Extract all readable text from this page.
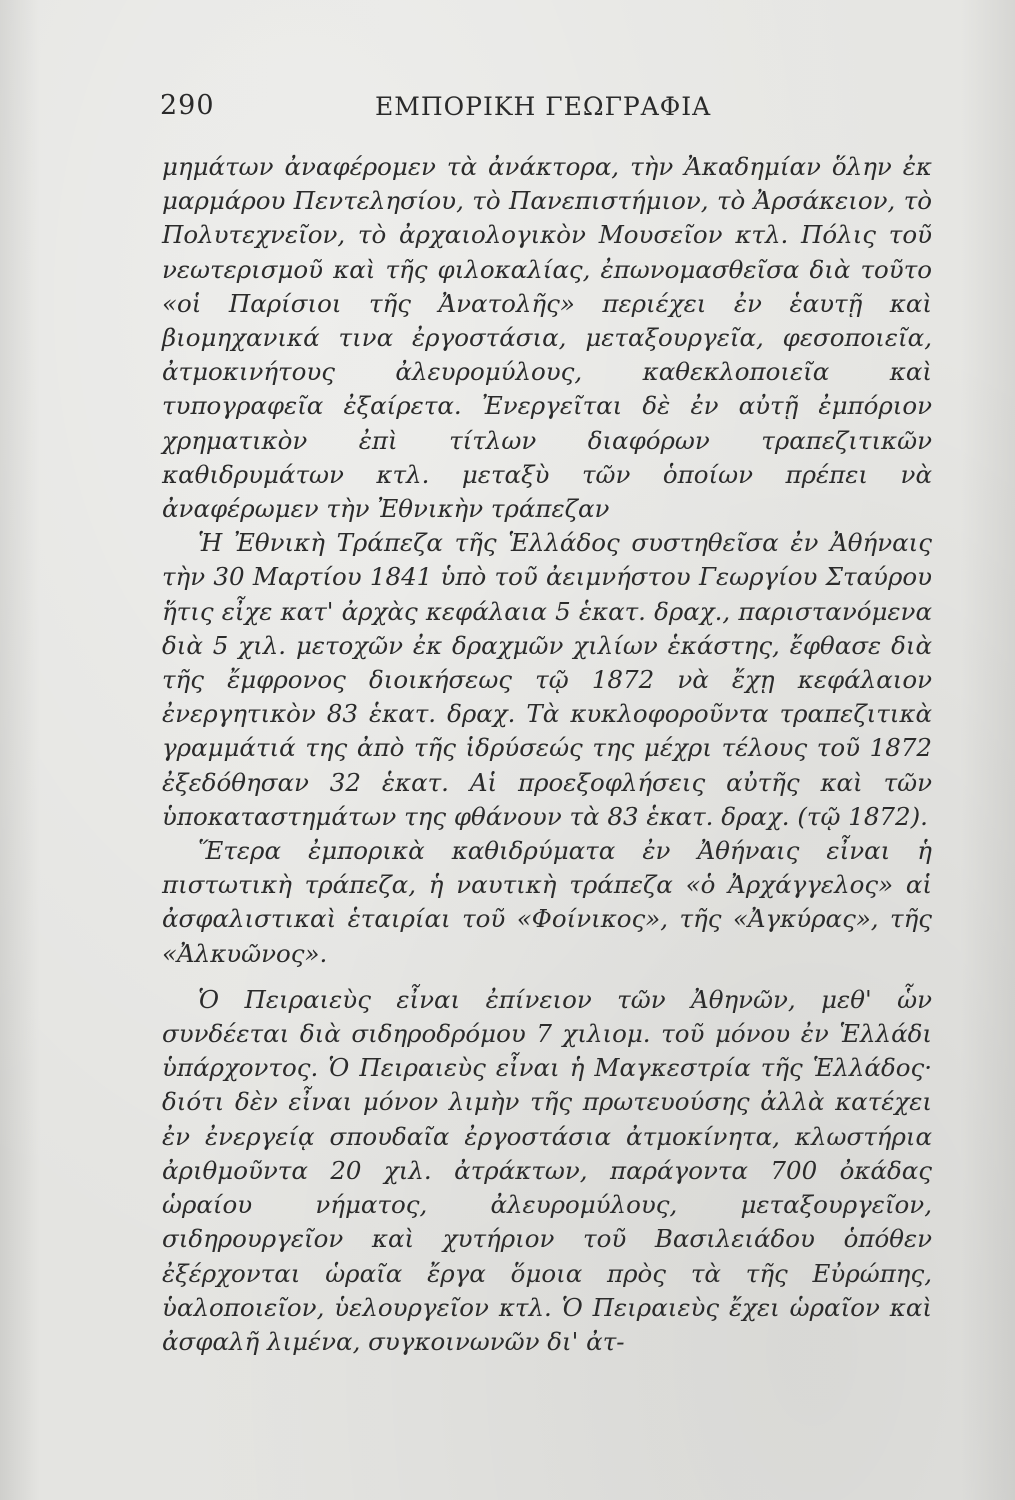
290	ΕΜΠΟΡΙΚΗ ΓΕΩΓΡΑΦΙΑ

μημάτων ἀναφέρομεν τὰ ἀνάκτορα, τὴν Ἀκαδημίαν ὅλην ἐκ μαρμάρου Πεντελησίου, τὸ Πανεπιστήμιον, τὸ Ἀρσάκειον, τὸ Πολυτεχνεῖον, τὸ ἀρχαιολογικὸν Μουσεῖον κτλ. Πόλις τοῦ νεωτερισμοῦ καὶ τῆς φιλοκαλίας, ἐπωνομασθεῖσα διὰ τοῦτο «οἱ Παρίσιοι τῆς Ἀνατολῆς» περιέχει ἐν ἑαυτῇ καὶ βιομηχανικά τινα ἐργοστάσια, μεταξουργεῖα, φεσοποιεῖα, ἀτμοκινήτους ἀλευρομύλους, καθεκλοποιεῖα καὶ τυπογραφεῖα ἐξαίρετα. Ἐνεργεῖται δὲ ἐν αὐτῇ ἐμπόριον χρηματικὸν ἐπὶ τίτλων διαφόρων τραπεζιτικῶν καθιδρυμάτων κτλ. μεταξὺ τῶν ὁποίων πρέπει νὰ ἀναφέρωμεν τὴν Ἐθνικὴν τράπεζαν

Ἡ Ἐθνικὴ Τράπεζα τῆς Ἑλλάδος συστηθεῖσα ἐν Ἀθήναις τὴν 30 Μαρτίου 1841 ὑπὸ τοῦ ἀειμνήστου Γεωργίου Σταύρου ἥτις εἶχε κατ' ἀρχὰς κεφάλαια 5 ἑκατ. δραχ., παριστανόμενα διὰ 5 χιλ. μετοχῶν ἐκ δραχμῶν χιλίων ἑκάστης, ἔφθασε διὰ τῆς ἔμφρονος διοικήσεως τῷ 1872 νὰ ἔχῃ κεφάλαιον ἐνεργητικὸν 83 ἑκατ. δραχ. Τὰ κυκλοφοροῦντα τραπεζιτικὰ γραμμάτιά της ἀπὸ τῆς ἱδρύσεώς της μέχρι τέλους τοῦ 1872 ἐξεδόθησαν 32 ἑκατ. Αἱ προεξοφλήσεις αὐτῆς καὶ τῶν ὑποκαταστημάτων της φθάνουν τὰ 83 ἑκατ. δραχ. (τῷ 1872).

Ἕτερα ἐμπορικὰ καθιδρύματα ἐν Ἀθήναις εἶναι ἡ πιστωτικὴ τράπεζα, ἡ ναυτικὴ τράπεζα «ὁ Ἀρχάγγελος» αἱ ἀσφαλιστικαὶ ἑταιρίαι τοῦ «Φοίνικος», τῆς «Ἀγκύρας», τῆς «Ἀλκυῶνος».

Ὁ Πειραιεὺς εἶναι ἐπίνειον τῶν Ἀθηνῶν, μεθ' ὧν συνδέεται διὰ σιδηροδρόμου 7 χιλιομ. τοῦ μόνου ἐν Ἑλλάδι ὑπάρχοντος. Ὁ Πειραιεὺς εἶναι ἡ Μαγκεστρία τῆς Ἑλλάδος· διότι δὲν εἶναι μόνον λιμὴν τῆς πρωτευούσης ἀλλὰ κατέχει ἐν ἐνεργείᾳ σπουδαῖα ἐργοστάσια ἀτμοκίνητα, κλωστήρια ἀριθμοῦντα 20 χιλ. ἀτράκτων, παράγοντα 700 ὀκάδας ὡραίου νήματος, ἀλευρομύλους, μεταξουργεῖον, σιδηρουργεῖον καὶ χυτήριον τοῦ Βασιλειάδου ὁπόθεν ἐξέρχονται ὡραῖα ἔργα ὅμοια πρὸς τὰ τῆς Εὐρώπης, ὑαλοποιεῖον, ὑελουργεῖον κτλ. Ὁ Πειραιεὺς ἔχει ὡραῖον καὶ ἀσφαλῆ λιμένα, συγκοινωνῶν δι' ἀτ-
